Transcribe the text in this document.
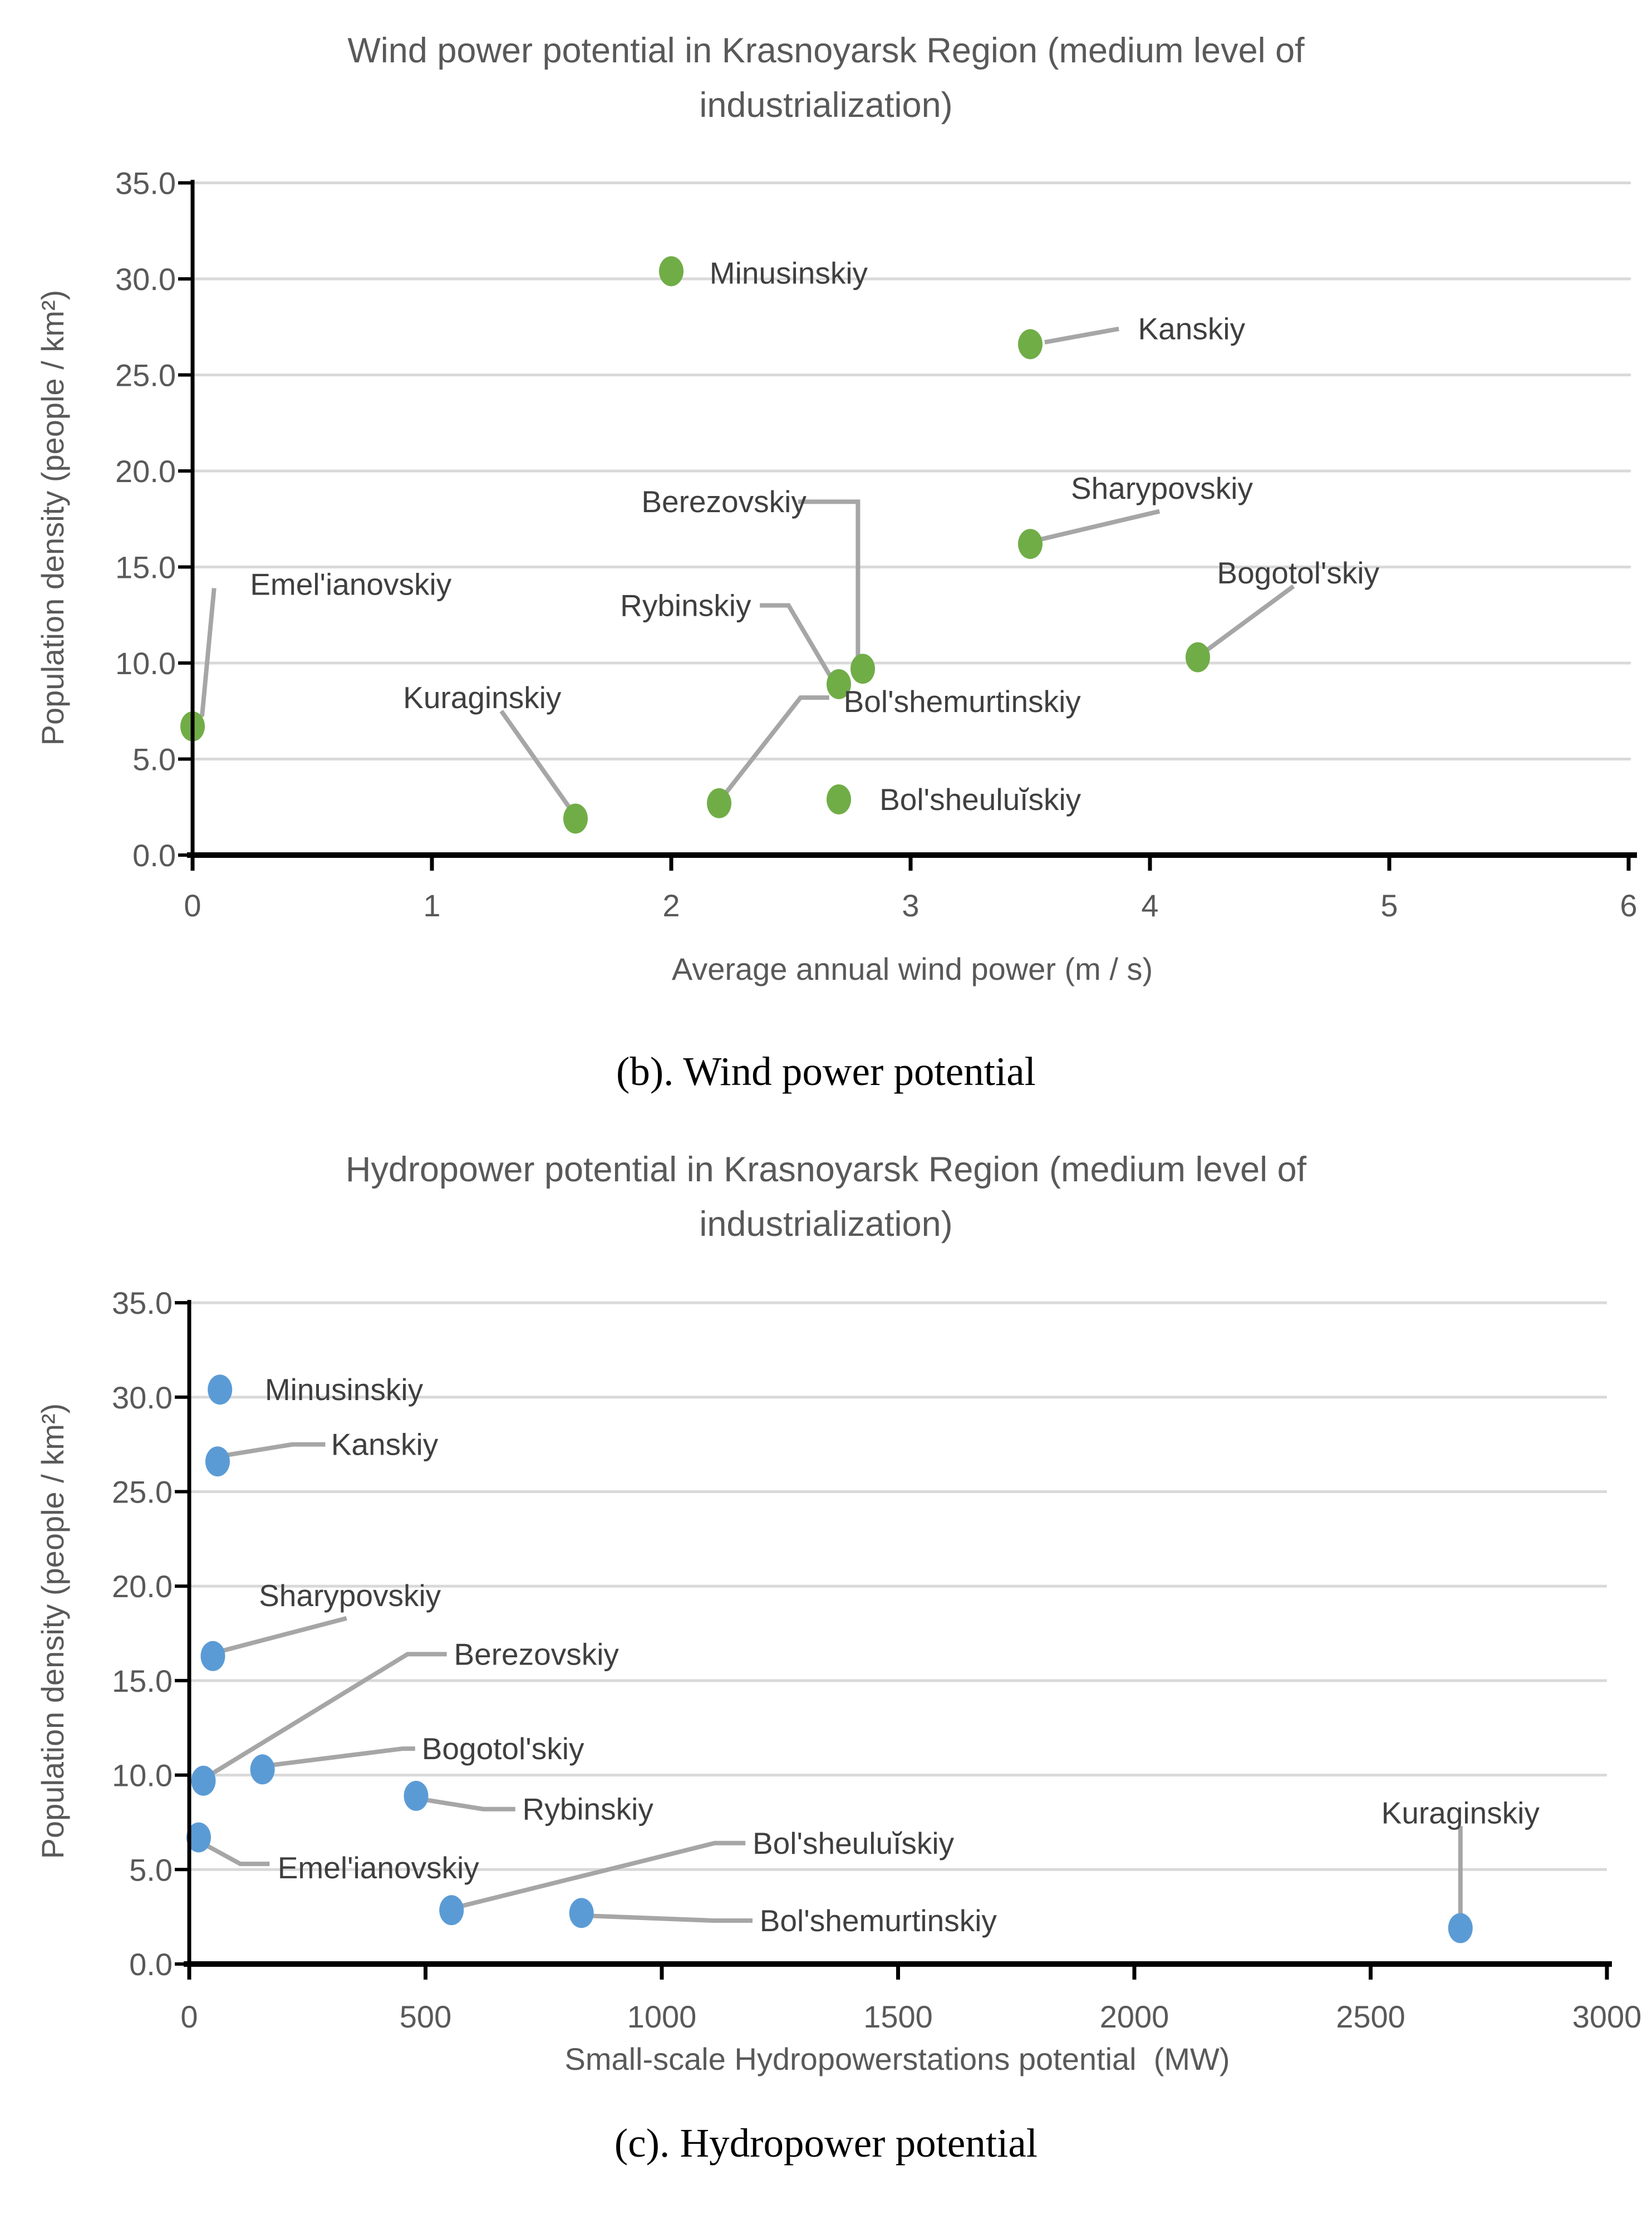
Minusinskiy
Kanskiy
Sharypovskiy
Bogotol'skiy
Berezovskiy
Rybinskiy
Bol'shemurtinskiy
Bol'sheuluĭskiy
Kuraginskiy
Emel'ianovskiy
0	1	2	3	4	5	6
0.0
5.0
10.0
15.0
20.0
25.0
30.0
35.0
Minusinskiy
Kanskiy
Sharypovskiy
Berezovskiy
Bogotol'skiy
Rybinskiy
Emel'ianovskiy
Bol'sheuluĭskiy
Bol'shemurtinskiy
Kuraginskiy
0	500	1000	1500	2000	2500	3000
0.0
5.0
10.0
15.0
20.0
25.0
30.0
35.0
Wind power potential in Krasnoyarsk Region (medium level of
industrialization)
Population density (people / km²)
Average annual wind power (m / s)
(b). Wind power potential
Hydropower potential in Krasnoyarsk Region (medium level of
industrialization)
Population density (people / km²)
Small-scale Hydropowerstations potential  (MW)
(c). Hydropower potential
